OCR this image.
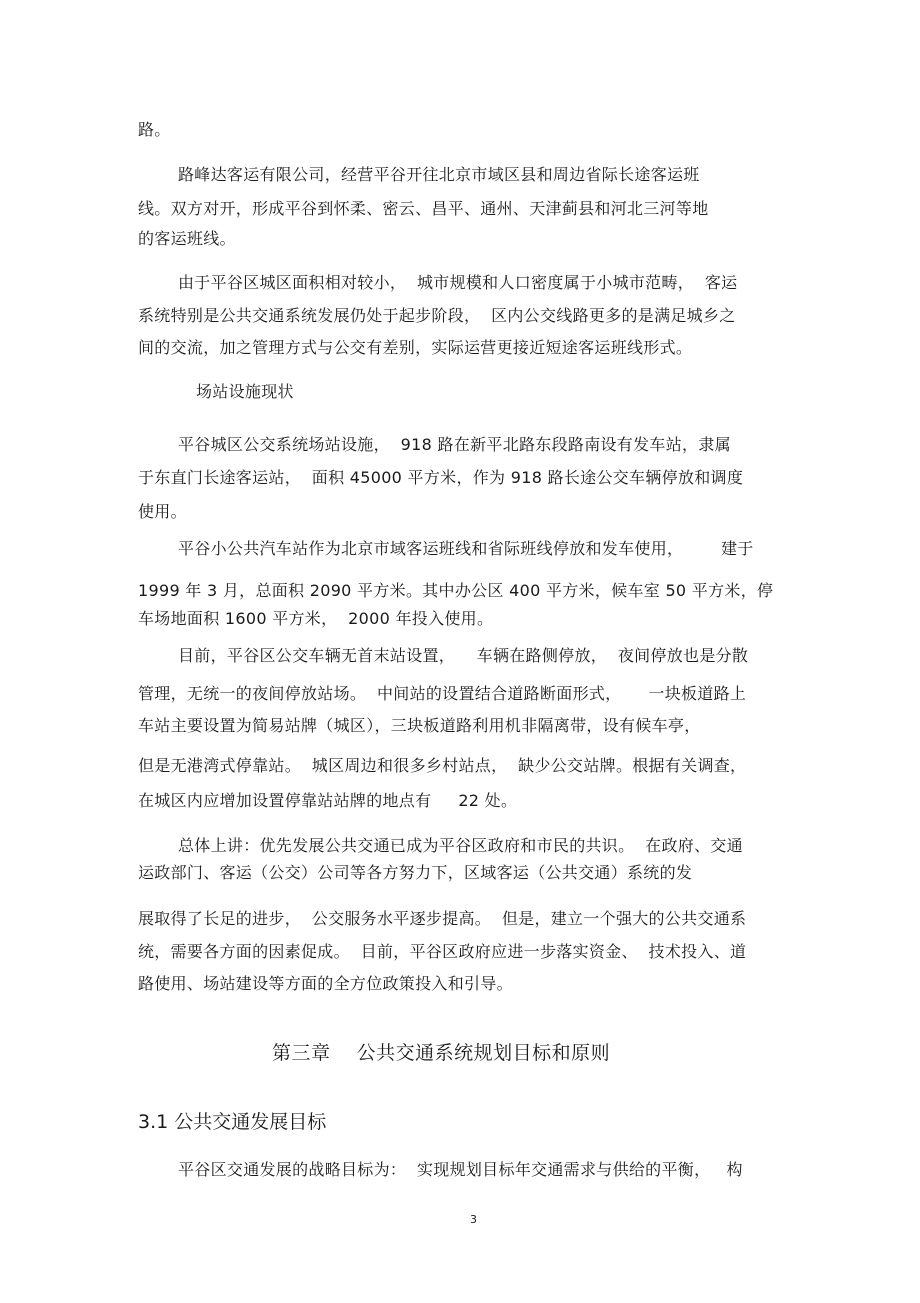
路。
路峰达客运有限公司，经营平谷开往北京市域区县和周边省际长途客运班
线。双方对开，形成平谷到怀柔、密云、昌平、通州、天津蓟县和河北三河等地
的客运班线。
由于平谷区城区面积相对较小，  城市规模和人口密度属于小城市范畴，  客运
系统特别是公共交通系统发展仍处于起步阶段，  区内公交线路更多的是满足城乡之
间的交流，加之管理方式与公交有差别，实际运营更接近短途客运班线形式。
场站设施现状
平谷城区公交系统场站设施，  918 路在新平北路东段路南设有发车站，隶属
于东直门长途客运站，  面积 45000 平方米，作为 918 路长途公交车辆停放和调度
使用。
平谷小公共汽车站作为北京市域客运班线和省际班线停放和发车使用，       建于
1999 年 3 月，总面积 2090 平方米。其中办公区 400 平方米，候车室 50 平方米，停
车场地面积 1600 平方米，  2000 年投入使用。
目前，平谷区公交车辆无首末站设置，    车辆在路侧停放，  夜间停放也是分散
管理，无统一的夜间停放站场。  中间站的设置结合道路断面形式，     一块板道路上
车站主要设置为简易站牌（城区），三块板道路利用机非隔离带，设有候车亭，
但是无港湾式停靠站。  城区周边和很多乡村站点，  缺少公交站牌。根据有关调查，
在城区内应增加设置停靠站站牌的地点有     22 处。
总体上讲：优先发展公共交通已成为平谷区政府和市民的共识。  在政府、交通
运政部门、客运（公交）公司等各方努力下，区域客运（公共交通）系统的发
展取得了长足的进步，  公交服务水平逐步提高。  但是，建立一个强大的公共交通系
统，需要各方面的因素促成。  目前，平谷区政府应进一步落实资金、  技术投入、道
路使用、场站建设等方面的全方位政策投入和引导。
第三章    公共交通系统规划目标和原则
3.1 公共交通发展目标
平谷区交通发展的战略目标为：  实现规划目标年交通需求与供给的平衡，   构
3
